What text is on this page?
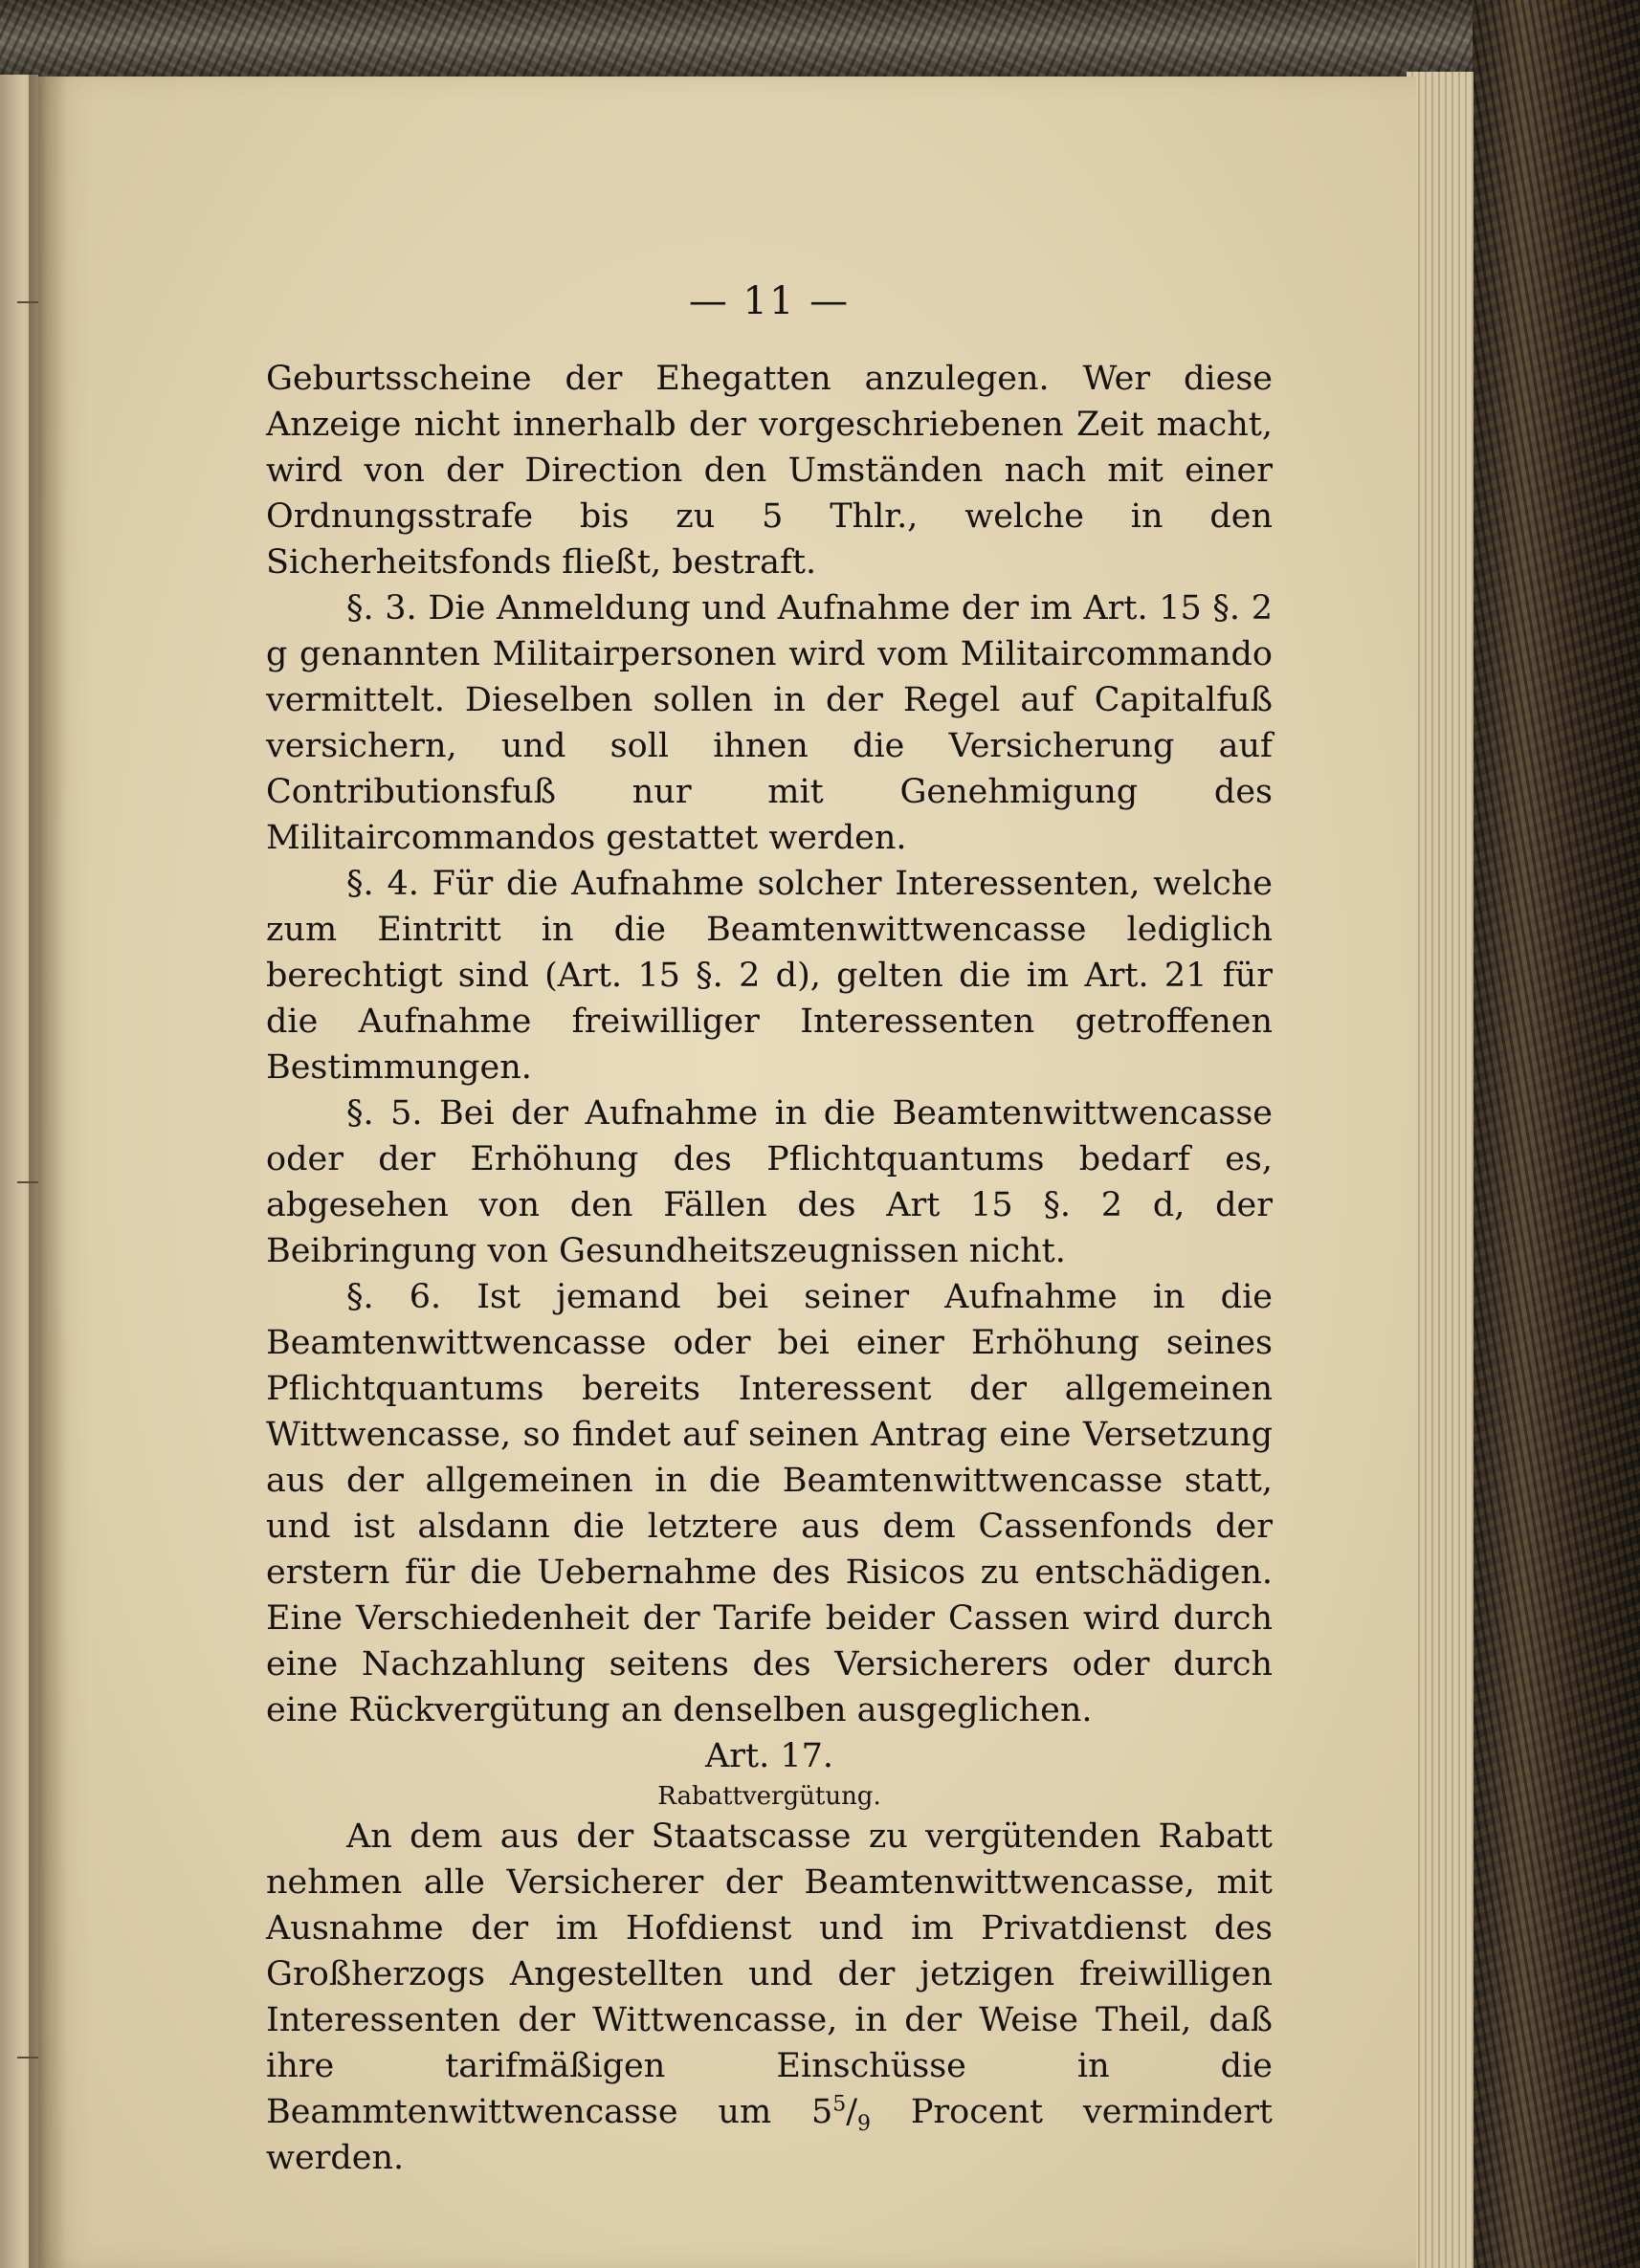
— 11 —

Geburtsscheine der Ehegatten anzulegen. Wer diese Anzeige nicht innerhalb der vorgeschriebenen Zeit macht, wird von der Direction den Umständen nach mit einer Ordnungsstrafe bis zu 5 Thlr., welche in den Sicherheitsfonds fließt, bestraft.

§. 3. Die Anmeldung und Aufnahme der im Art. 15 §. 2 g genannten Militairpersonen wird vom Militaircommando vermittelt. Dieselben sollen in der Regel auf Capitalfuß versichern, und soll ihnen die Versicherung auf Contributionsfuß nur mit Genehmigung des Militaircommandos gestattet werden.

§. 4. Für die Aufnahme solcher Interessenten, welche zum Eintritt in die Beamtenwittwencasse lediglich berechtigt sind (Art. 15 §. 2 d), gelten die im Art. 21 für die Aufnahme freiwilliger Interessenten getroffenen Bestimmungen.

§. 5. Bei der Aufnahme in die Beamtenwittwencasse oder der Erhöhung des Pflichtquantums bedarf es, abgesehen von den Fällen des Art 15 §. 2 d, der Beibringung von Gesundheitszeugnissen nicht.

§. 6. Ist jemand bei seiner Aufnahme in die Beamtenwittwencasse oder bei einer Erhöhung seines Pflichtquantums bereits Interessent der allgemeinen Wittwencasse, so findet auf seinen Antrag eine Versetzung aus der allgemeinen in die Beamtenwittwencasse statt, und ist alsdann die letztere aus dem Cassenfonds der erstern für die Uebernahme des Risicos zu entschädigen. Eine Verschiedenheit der Tarife beider Cassen wird durch eine Nachzahlung seitens des Versicherers oder durch eine Rückvergütung an denselben ausgeglichen.

Art. 17.

Rabattvergütung.

An dem aus der Staatscasse zu vergütenden Rabatt nehmen alle Versicherer der Beamtenwittwencasse, mit Ausnahme der im Hofdienst und im Privatdienst des Großherzogs Angestellten und der jetzigen freiwilligen Interessenten der Wittwencasse, in der Weise Theil, daß ihre tarifmäßigen Einschüsse in die Beammtenwittwencasse um $5^5/_9$ Procent vermindert werden.
